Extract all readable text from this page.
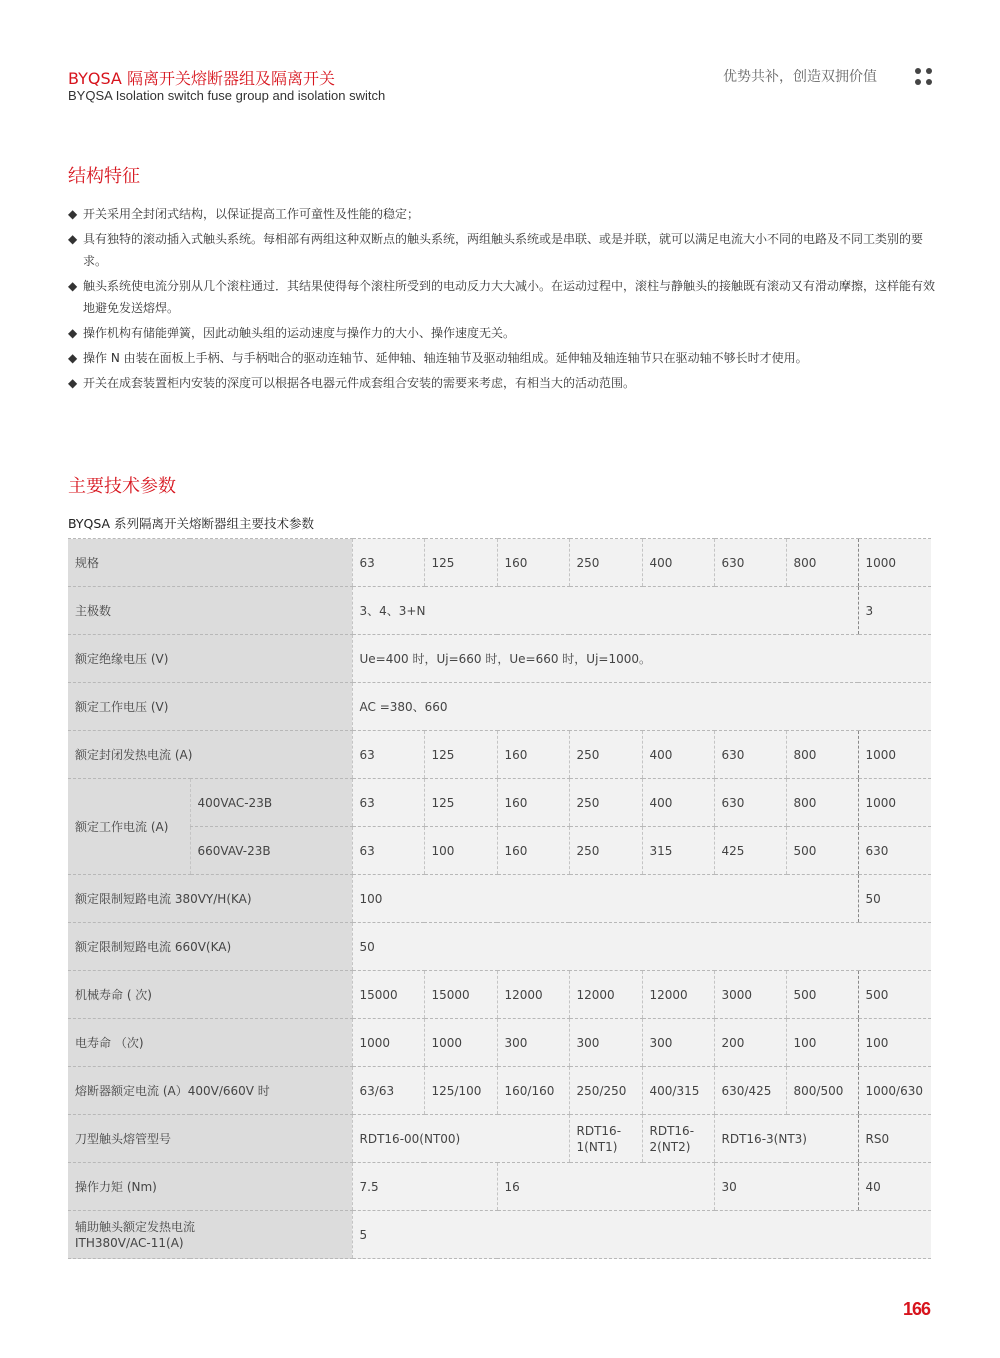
BYQSA 隔离开关熔断器组及隔离开关
BYQSA Isolation switch fuse group and isolation switch
优势共补，创造双拥价值
结构特征
◆ 开关采用全封闭式结构，以保证提高工作可童性及性能的稳定；
◆ 具有独特的滚动插入式触头系统。每相部有两组这种双断点的触头系统，两组触头系统或是串联、或是并联，就可以满足电流大小不同的电路及不同工类别的要求。
◆ 触头系统使电流分别从几个滚柱通过．其结果使得每个滚柱所受到的电动反力大大减小。在运动过程中，滚柱与静触头的接触既有滚动又有滑动摩擦，这样能有效地避免发送熔焊。
◆ 操作机构有储能弹簧，因此动触头组的运动速度与操作力的大小、操作速度无关。
◆ 操作 N 由装在面板上手柄、与手柄咄合的驱动连轴节、延伸轴、轴连轴节及驱动轴组成。延伸轴及轴连轴节只在驱动轴不够长时才使用。
◆ 开关在成套装置柜内安装的深度可以根据各电器元件成套组合安装的需要来考虑，有相当大的活动范围。
主要技术参数
BYQSA 系列隔离开关熔断器组主要技术参数
规格		63	125	160	250	400	630	800	1000
主极数		3、4、3+N							3
额定绝缘电压 (V)		Ue=400 时，Uj=660 时，Ue=660 时，Uj=1000。							
额定工作电压 (V)		AC =380、660							
额定封闭发热电流 (A)		63	125	160	250	400	630	800	1000
额定工作电流 (A)	400VAC-23B	63	125	160	250	400	630	800	1000
	660VAV-23B	63	100	160	250	315	425	500	630
额定限制短路电流 380VY/H(KA)		100							50
额定限制短路电流 660V(KA)		50							
机械寿命 ( 次)		15000	15000	12000	12000	12000	3000	500	500
电寿命 （次)		1000	1000	300	300	300	200	100	100
熔断器额定电流 (A）400V/660V 时		63/63	125/100	160/160	250/250	400/315	630/425	800/500	1000/630
刀型触头熔管型号		RDT16-00(NT00)			RDT16-1(NT1)	RDT16-2(NT2)	RDT16-3(NT3)		RS0
操作力矩 (Nm)		7.5		16			30		40

辅助触头额定发热电流
ITH380V/AC-11(A)		5							
166
